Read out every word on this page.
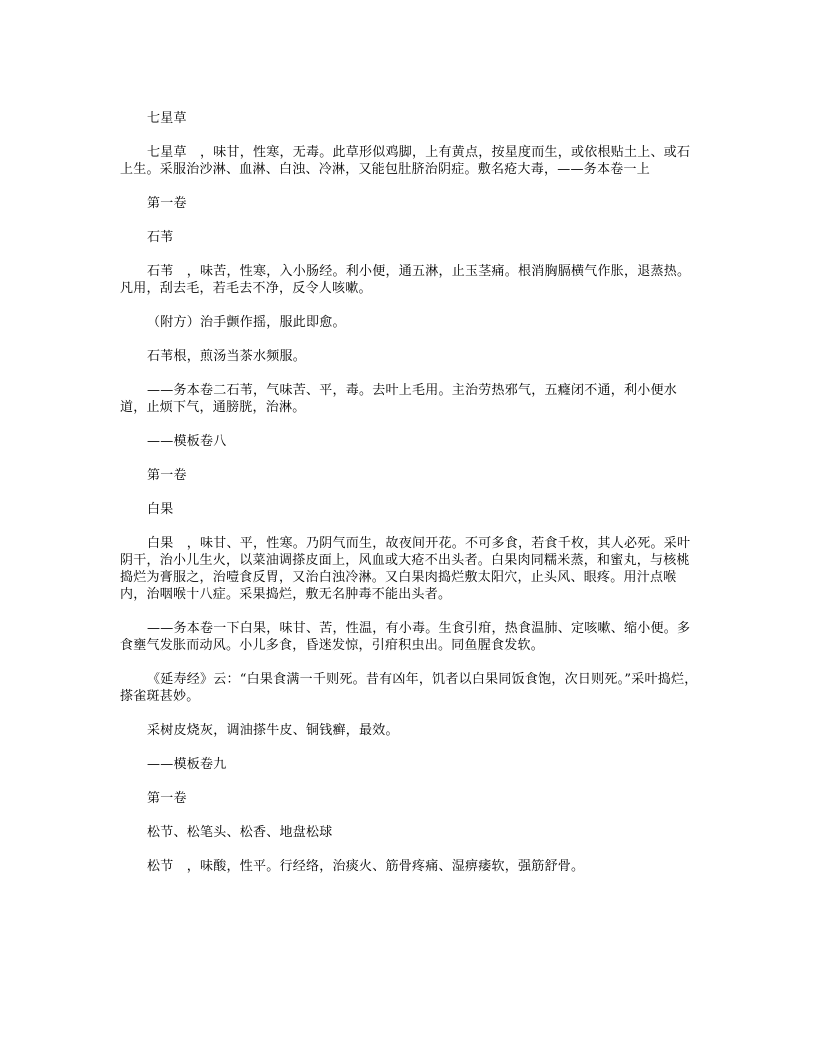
七星草

七星草　，味甘，性寒，无毒。此草形似鸡脚，上有黄点，按星度而生，或依根贴土上、或石上生。采服治沙淋、血淋、白浊、冷淋，又能包肚脐治阴症。敷名疮大毒，——务本卷一上

第一卷

石苇

石苇　，味苦，性寒，入小肠经。利小便，通五淋，止玉茎痛。根消胸膈横气作胀，退蒸热。凡用，刮去毛，若毛去不净，反令人咳嗽。

（附方）治手颤作摇，服此即愈。

石苇根，煎汤当茶水频服。

——务本卷二石苇，气味苦、平，毒。去叶上毛用。主治劳热邪气，五癃闭不通，利小便水道，止烦下气，通膀胱，治淋。

——模板卷八

第一卷

白果

白果　，味甘、平，性寒。乃阴气而生，故夜间开花。不可多食，若食千枚，其人必死。采叶阴干，治小儿生火，以菜油调搽皮面上，风血或大疮不出头者。白果肉同糯米蒸，和蜜丸，与核桃捣烂为膏服之，治噎食反胃，又治白浊冷淋。又白果肉捣烂敷太阳穴，止头风、眼疼。用汁点喉内，治咽喉十八症。采果捣烂，敷无名肿毒不能出头者。

——务本卷一下白果，味甘、苦，性温，有小毒。生食引疳，热食温肺、定咳嗽、缩小便。多食壅气发胀而动风。小儿多食，昏迷发惊，引疳积虫出。同鱼腥食发软。

《延寿经》云：“白果食满一千则死。昔有凶年，饥者以白果同饭食饱，次日则死。”采叶捣烂，搽雀斑甚妙。

采树皮烧灰，调油搽牛皮、铜钱癣，最效。

——模板卷九

第一卷

松节、松笔头、松香、地盘松球

松节　，味酸，性平。行经络，治痰火、筋骨疼痛、湿痹痿软，强筋舒骨。
